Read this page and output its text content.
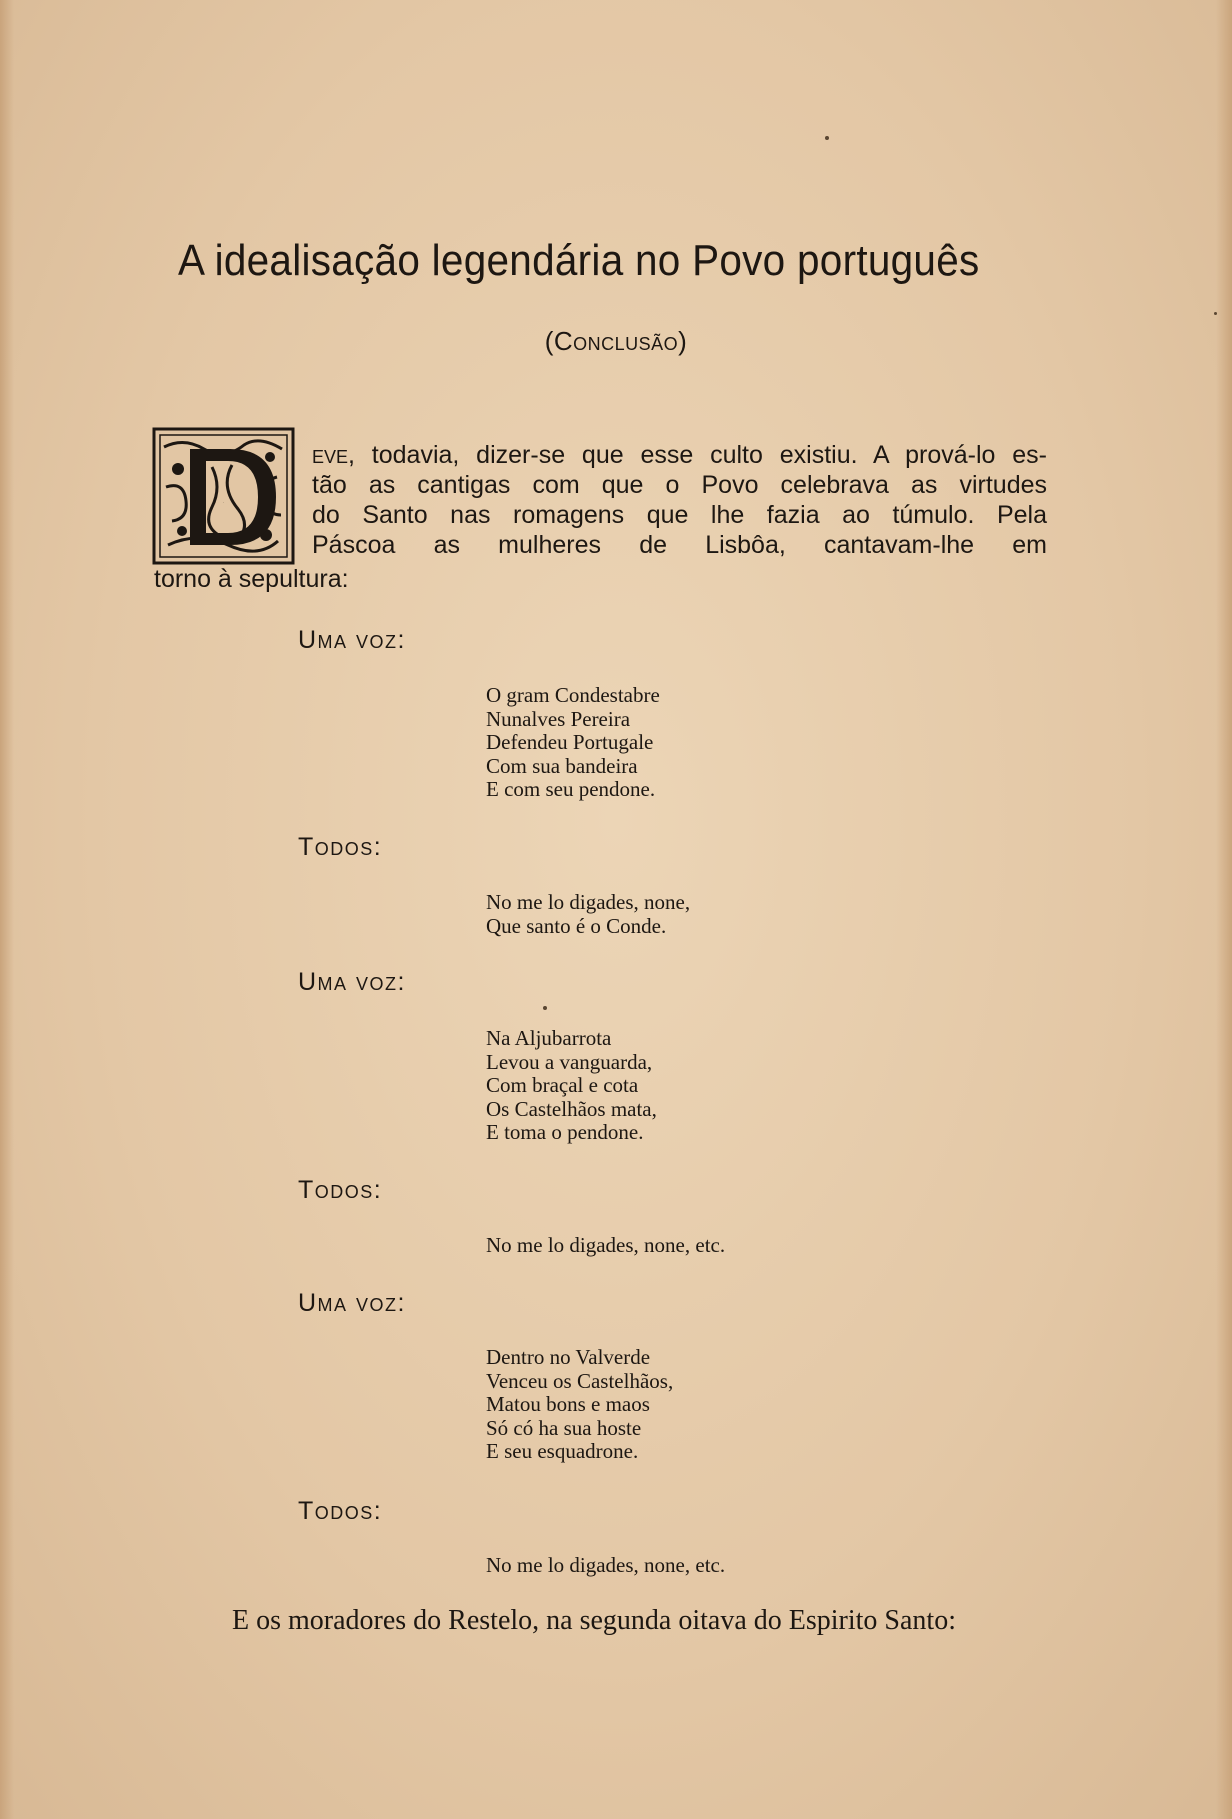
A idealisação legendária no Povo português
(Conclusão)
D
eve, todavia, dizer-se que esse culto existiu. A prová-lo es-
tão as cantigas com que o Povo celebrava as virtudes
do Santo nas romagens que lhe fazia ao túmulo. Pela
Páscoa as mulheres de Lisbôa, cantavam-lhe em
torno à sepultura:
Uma voz:
O gram Condestabre
Nunalves Pereira
Defendeu Portugale
Com sua bandeira
E com seu pendone.
Todos:
No me lo digades, none,
Que santo é o Conde.
Uma voz:
Na Aljubarrota
Levou a vanguarda,
Com braçal e cota
Os Castelhãos mata,
E toma o pendone.
Todos:
No me lo digades, none, etc.
Uma voz:
Dentro no Valverde
Venceu os Castelhãos,
Matou bons e maos
Só có ha sua hoste
E seu esquadrone.
Todos:
No me lo digades, none, etc.
E os moradores do Restelo, na segunda oitava do Espirito Santo:
